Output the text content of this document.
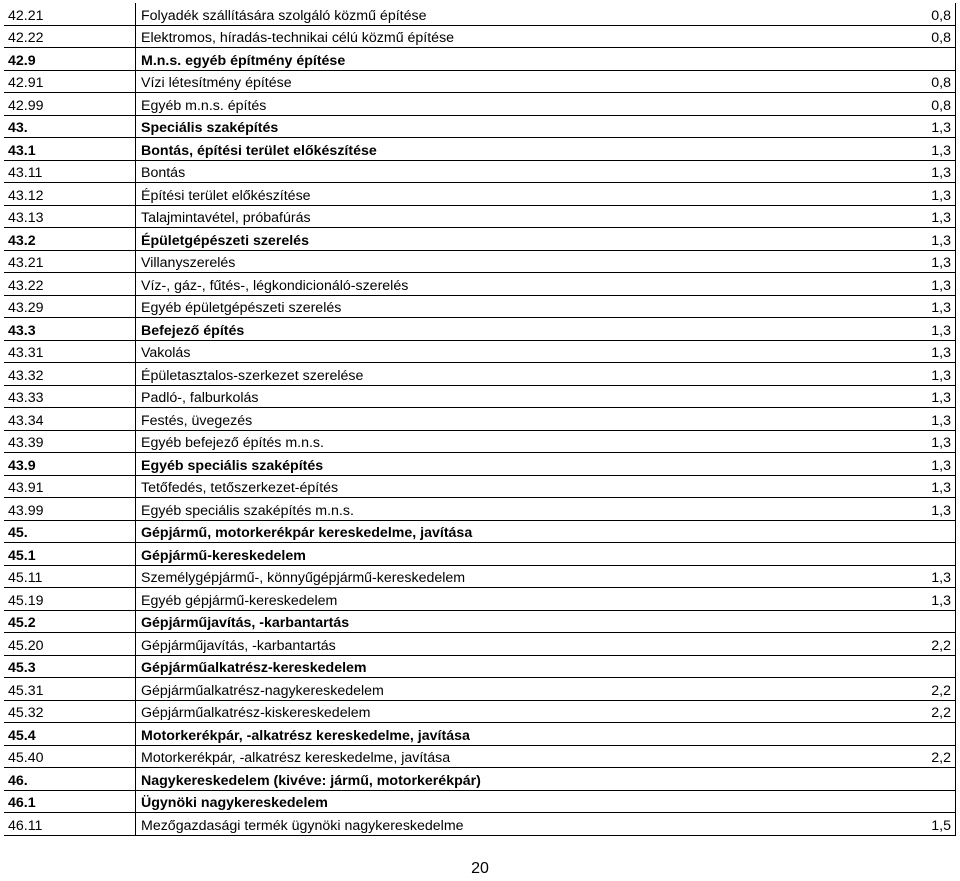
42.21	Folyadék szállítására szolgáló közmű építése	0,8
42.22	Elektromos, híradás-technikai célú közmű építése	0,8
42.9	M.n.s. egyéb építmény építése	
42.91	Vízi létesítmény építése	0,8
42.99	Egyéb m.n.s. építés	0,8
43.	Speciális szaképítés	1,3
43.1	Bontás, építési terület előkészítése	1,3
43.11	Bontás	1,3
43.12	Építési terület előkészítése	1,3
43.13	Talajmintavétel, próbafúrás	1,3
43.2	Épületgépészeti szerelés	1,3
43.21	Villanyszerelés	1,3
43.22	Víz-, gáz-, fűtés-, légkondicionáló-szerelés	1,3
43.29	Egyéb épületgépészeti szerelés	1,3
43.3	Befejező építés	1,3
43.31	Vakolás	1,3
43.32	Épületasztalos-szerkezet szerelése	1,3
43.33	Padló-, falburkolás	1,3
43.34	Festés, üvegezés	1,3
43.39	Egyéb befejező építés m.n.s.	1,3
43.9	Egyéb speciális szaképítés	1,3
43.91	Tetőfedés, tetőszerkezet-építés	1,3
43.99	Egyéb speciális szaképítés m.n.s.	1,3
45.	Gépjármű, motorkerékpár kereskedelme, javítása	
45.1	Gépjármű-kereskedelem	
45.11	Személygépjármű-, könnyűgépjármű-kereskedelem	1,3
45.19	Egyéb gépjármű-kereskedelem	1,3
45.2	Gépjárműjavítás, -karbantartás	
45.20	Gépjárműjavítás, -karbantartás	2,2
45.3	Gépjárműalkatrész-kereskedelem	
45.31	Gépjárműalkatrész-nagykereskedelem	2,2
45.32	Gépjárműalkatrész-kiskereskedelem	2,2
45.4	Motorkerékpár, -alkatrész kereskedelme, javítása	
45.40	Motorkerékpár, -alkatrész kereskedelme, javítása	2,2
46.	Nagykereskedelem (kivéve: jármű, motorkerékpár)	
46.1	Ügynöki nagykereskedelem	
46.11	Mezőgazdasági termék ügynöki nagykereskedelme	1,5
20
